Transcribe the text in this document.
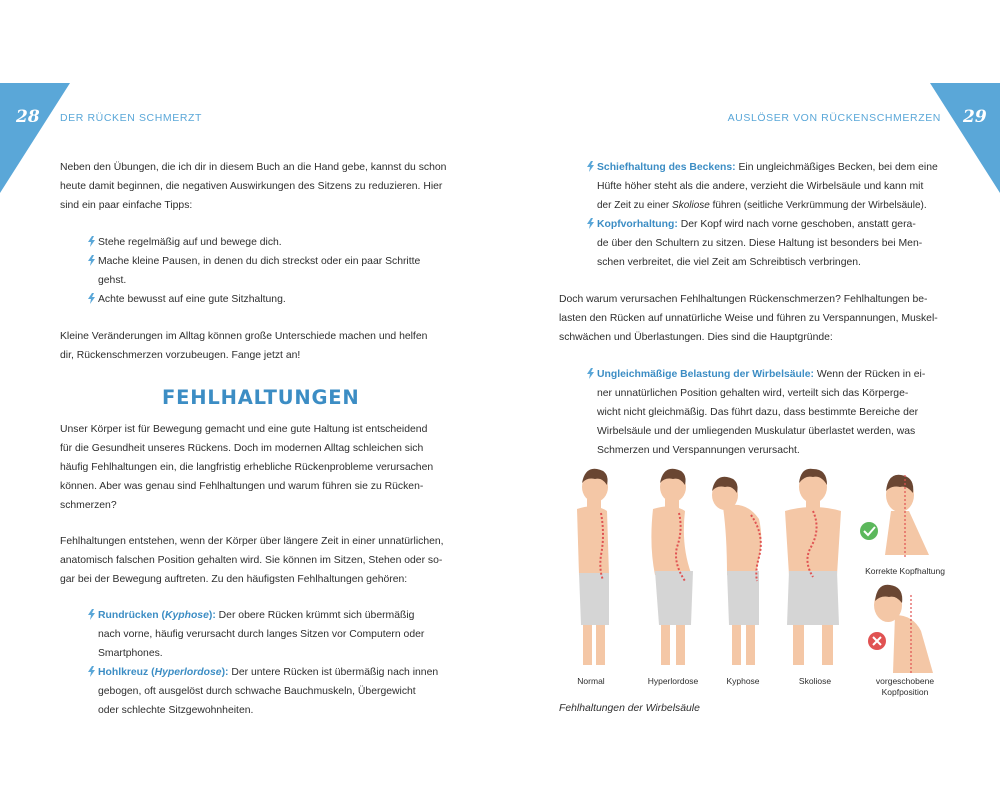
28 DER RÜCKEN SCHMERZT	29
AUSLÖSER VON RÜCKENSCHMERZEN
Neben den Übungen, die ich dir in diesem Buch an die Hand gebe, kannst du schon
heute damit beginnen, die negativen Auswirkungen des Sitzens zu reduzieren. Hier
sind ein paar einfache Tipps:
Stehe regelmäßig auf und bewege dich.
Mache kleine Pausen, in denen du dich streckst oder ein paar Schritte
gehst.
Achte bewusst auf eine gute Sitzhaltung.
Kleine Veränderungen im Alltag können große Unterschiede machen und helfen
dir, Rückenschmerzen vorzubeugen. Fange jetzt an!
FEHLHALTUNGEN
Unser Körper ist für Bewegung gemacht und eine gute Haltung ist entscheidend
für die Gesundheit unseres Rückens. Doch im modernen Alltag schleichen sich
häufig Fehlhaltungen ein, die langfristig erhebliche Rückenprobleme verursachen
können. Aber was genau sind Fehlhaltungen und warum führen sie zu Rücken-
schmerzen?
Fehlhaltungen entstehen, wenn der Körper über längere Zeit in einer unnatürlichen,
anatomisch falschen Position gehalten wird. Sie können im Sitzen, Stehen oder so-
gar bei der Bewegung auftreten. Zu den häufigsten Fehlhaltungen gehören:
Rundrücken (Kyphose): Der obere Rücken krümmt sich übermäßig
nach vorne, häufig verursacht durch langes Sitzen vor Computern oder
Smartphones.
Hohlkreuz (Hyperlordose): Der untere Rücken ist übermäßig nach innen
gebogen, oft ausgelöst durch schwache Bauchmuskeln, Übergewicht
oder schlechte Sitzgewohnheiten.
Schiefhaltung des Beckens: Ein ungleichmäßiges Becken, bei dem eine
Hüfte höher steht als die andere, verzieht die Wirbelsäule und kann mit
der Zeit zu einer Skoliose führen (seitliche Verkrümmung der Wirbelsäule).
Kopfvorhaltung: Der Kopf wird nach vorne geschoben, anstatt gera-
de über den Schultern zu sitzen. Diese Haltung ist besonders bei Men-
schen verbreitet, die viel Zeit am Schreibtisch verbringen.
Doch warum verursachen Fehlhaltungen Rückenschmerzen? Fehlhaltungen be-
lasten den Rücken auf unnatürliche Weise und führen zu Verspannungen, Muskel-
schwächen und Überlastungen. Dies sind die Hauptgründe:
Ungleichmäßige Belastung der Wirbelsäule: Wenn der Rücken in ei-
ner unnatürlichen Position gehalten wird, verteilt sich das Körperge-
wicht nicht gleichmäßig. Das führt dazu, dass bestimmte Bereiche der
Wirbelsäule und der umliegenden Muskulatur überlastet werden, was
Schmerzen und Verspannungen verursacht.
Normal	Hyperlordose	Kyphose	Skoliose
Korrekte Kopfhaltung
vorgeschobene
Kopfposition
Fehlhaltungen der Wirbelsäule
